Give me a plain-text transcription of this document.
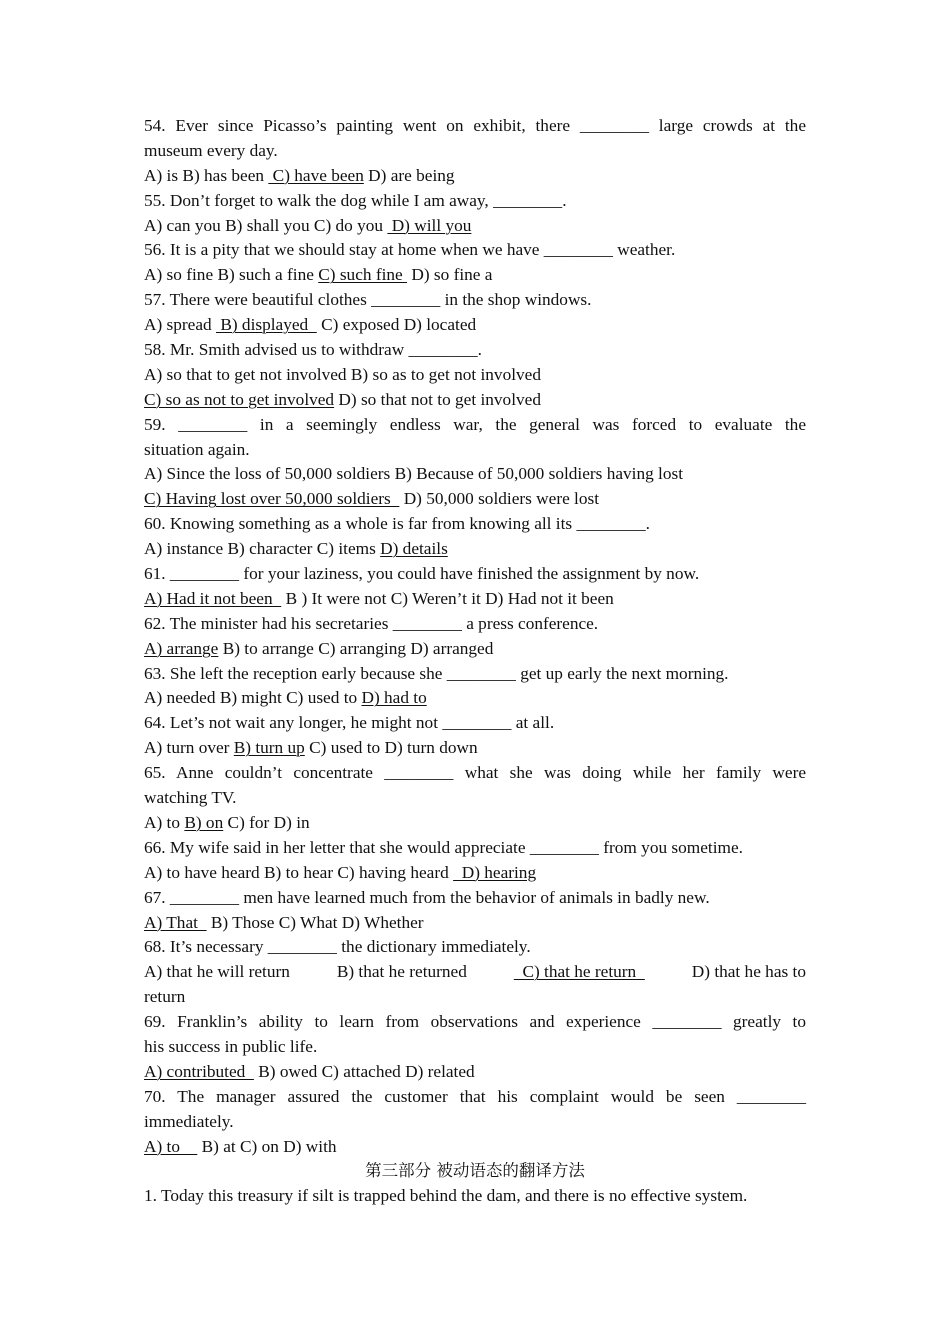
54. Ever since Picasso’s painting went on exhibit, there ________ large crowds at the
museum every day.
A) is B) has been  C) have been D) are being
55. Don’t forget to walk the dog while I am away, ________.
A) can you B) shall you C) do you  D) will you
56. It is a pity that we should stay at home when we have ________ weather.
A) so fine B) such a fine C) such fine  D) so fine a
57. There were beautiful clothes ________ in the shop windows.
A) spread  B) displayed   C) exposed D) located
58. Mr. Smith advised us to withdraw ________.
A) so that to get not involved B) so as to get not involved
C) so as not to get involved D) so that not to get involved
59. ________ in a seemingly endless war, the general was forced to evaluate the
situation again.
A) Since the loss of 50,000 soldiers B) Because of 50,000 soldiers having lost
C) Having lost over 50,000 soldiers   D) 50,000 soldiers were lost
60. Knowing something as a whole is far from knowing all its ________.
A) instance B) character C) items D) details
61. ________ for your laziness, you could have finished the assignment by now.
A) Had it not been   B ) It were not C) Weren’t it D) Had not it been
62. The minister had his secretaries ________ a press conference.
A) arrange B) to arrange C) arranging D) arranged
63. She left the reception early because she ________ get up early the next morning.
A) needed B) might C) used to D) had to
64. Let’s not wait any longer, he might not ________ at all.
A) turn over B) turn up C) used to D) turn down
65. Anne couldn’t concentrate ________ what she was doing while her family were
watching TV.
A) to B) on C) for D) in
66. My wife said in her letter that she would appreciate ________ from you sometime.
A) to have heard B) to hear C) having heard   D) hearing
67. ________ men have learned much from the behavior of animals in badly new.
A) That   B) Those C) What D) Whether
68. It’s necessary ________ the dictionary immediately.
A) that he will return	B) that he returned	C) that he return	D) that he has to
return
69. Franklin’s ability to learn from observations and experience ________ greatly to
his success in public life.
A) contributed   B) owed C) attached D) related
70. The manager assured the customer that his complaint would be seen ________
immediately.
A) to     B) at C) on D) with
第三部分 被动语态的翻译方法
1. Today this treasury if silt is trapped behind the dam, and there is no effective system.
